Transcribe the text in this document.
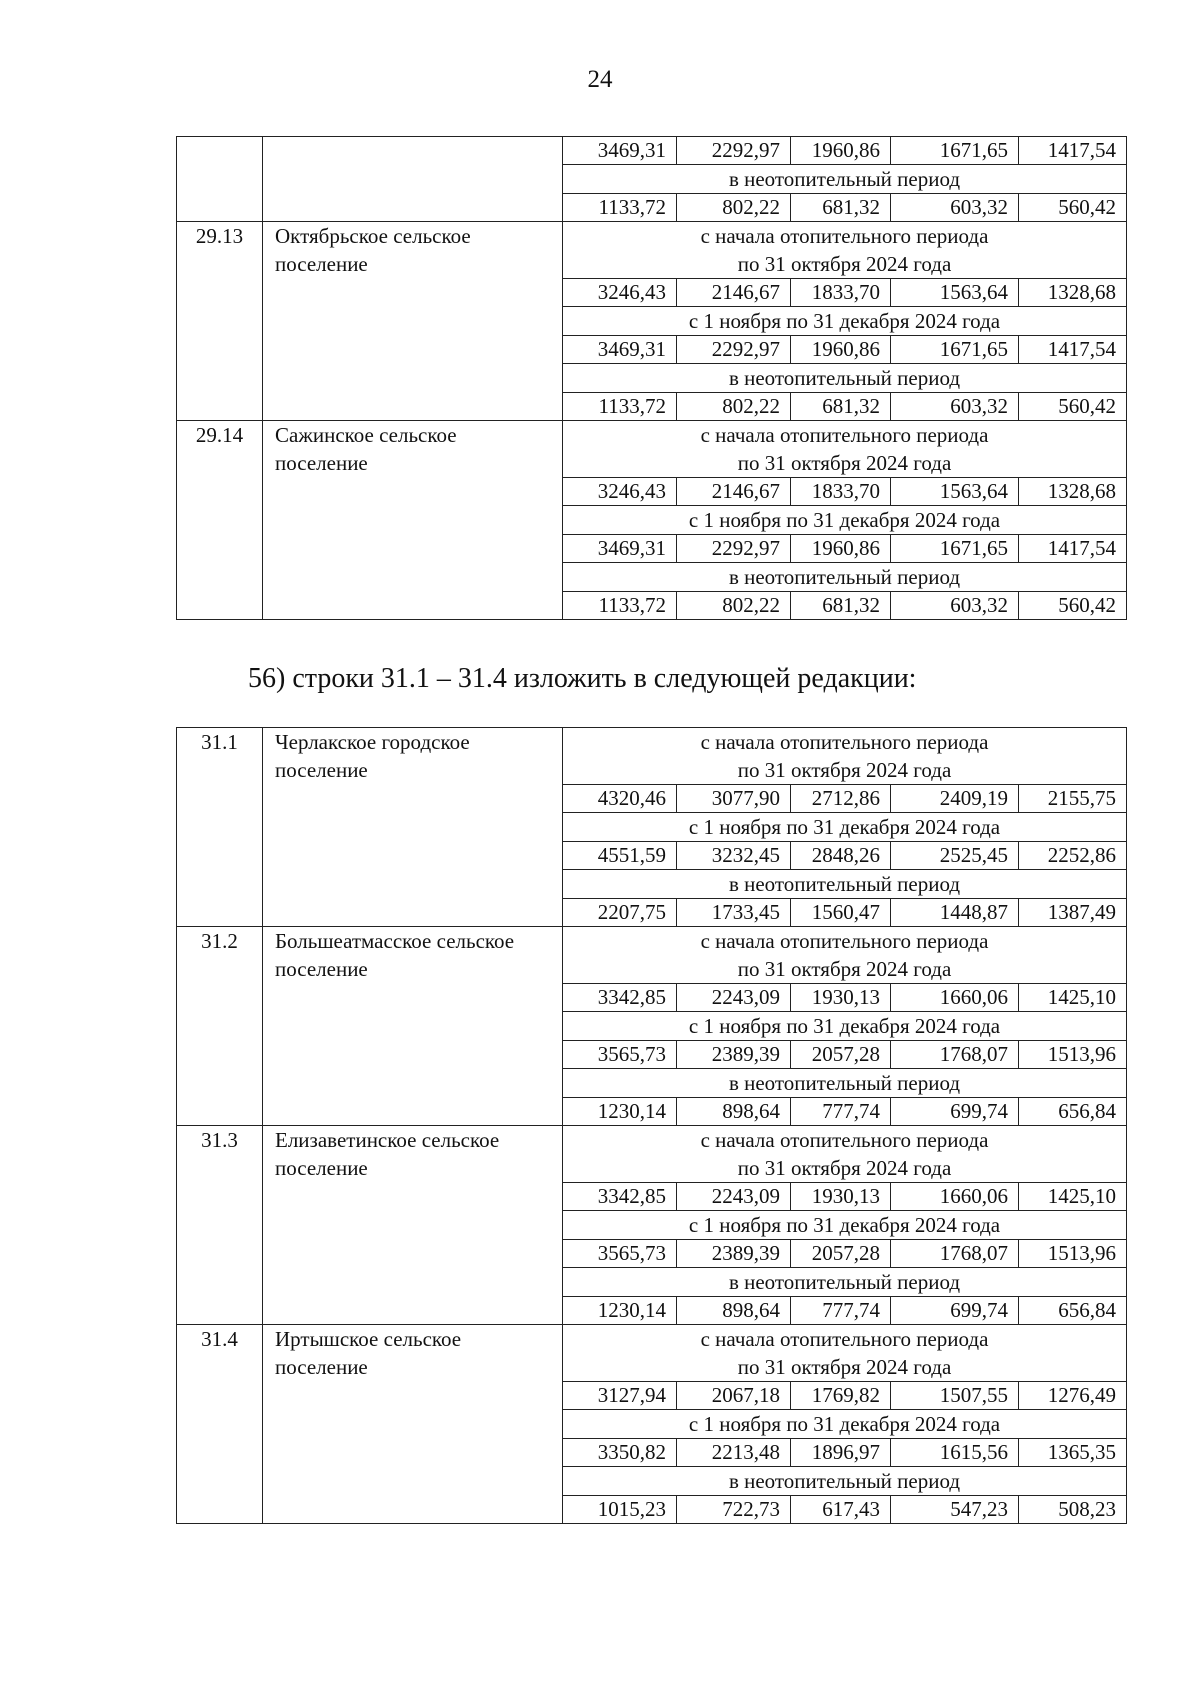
24
		3469,31	2292,97	1960,86	1671,65	1417,54
		в неотопительный период				
		1133,72	802,22	681,32	603,32	560,42
29.13	Октябрьское сельское поселение	с начала отопительного периода
по 31 октября 2024 года				

		3246,43	2146,67	1833,70	1563,64	1328,68
		с 1 ноября по 31 декабря 2024 года				
		3469,31	2292,97	1960,86	1671,65	1417,54
		в неотопительный период				
		1133,72	802,22	681,32	603,32	560,42
29.14	Сажинское сельское поселение	с начала отопительного периода
по 31 октября 2024 года				

		3246,43	2146,67	1833,70	1563,64	1328,68
		с 1 ноября по 31 декабря 2024 года				
		3469,31	2292,97	1960,86	1671,65	1417,54
		в неотопительный период				
		1133,72	802,22	681,32	603,32	560,42
56) строки 31.1 – 31.4 изложить в следующей редакции:
31.1	Черлакское городское поселение	с начала отопительного периода
по 31 октября 2024 года				

		4320,46	3077,90	2712,86	2409,19	2155,75
		с 1 ноября по 31 декабря 2024 года				
		4551,59	3232,45	2848,26	2525,45	2252,86
		в неотопительный период				
		2207,75	1733,45	1560,47	1448,87	1387,49
31.2	Большеатмасское сельское поселение	с начала отопительного периода
по 31 октября 2024 года				

		3342,85	2243,09	1930,13	1660,06	1425,10
		с 1 ноября по 31 декабря 2024 года				
		3565,73	2389,39	2057,28	1768,07	1513,96
		в неотопительный период				
		1230,14	898,64	777,74	699,74	656,84
31.3	Елизаветинское сельское поселение	с начала отопительного периода
по 31 октября 2024 года				

		3342,85	2243,09	1930,13	1660,06	1425,10
		с 1 ноября по 31 декабря 2024 года				
		3565,73	2389,39	2057,28	1768,07	1513,96
		в неотопительный период				
		1230,14	898,64	777,74	699,74	656,84
31.4	Иртышское сельское поселение	с начала отопительного периода
по 31 октября 2024 года				

		3127,94	2067,18	1769,82	1507,55	1276,49
		с 1 ноября по 31 декабря 2024 года				
		3350,82	2213,48	1896,97	1615,56	1365,35
		в неотопительный период				
		1015,23	722,73	617,43	547,23	508,23
